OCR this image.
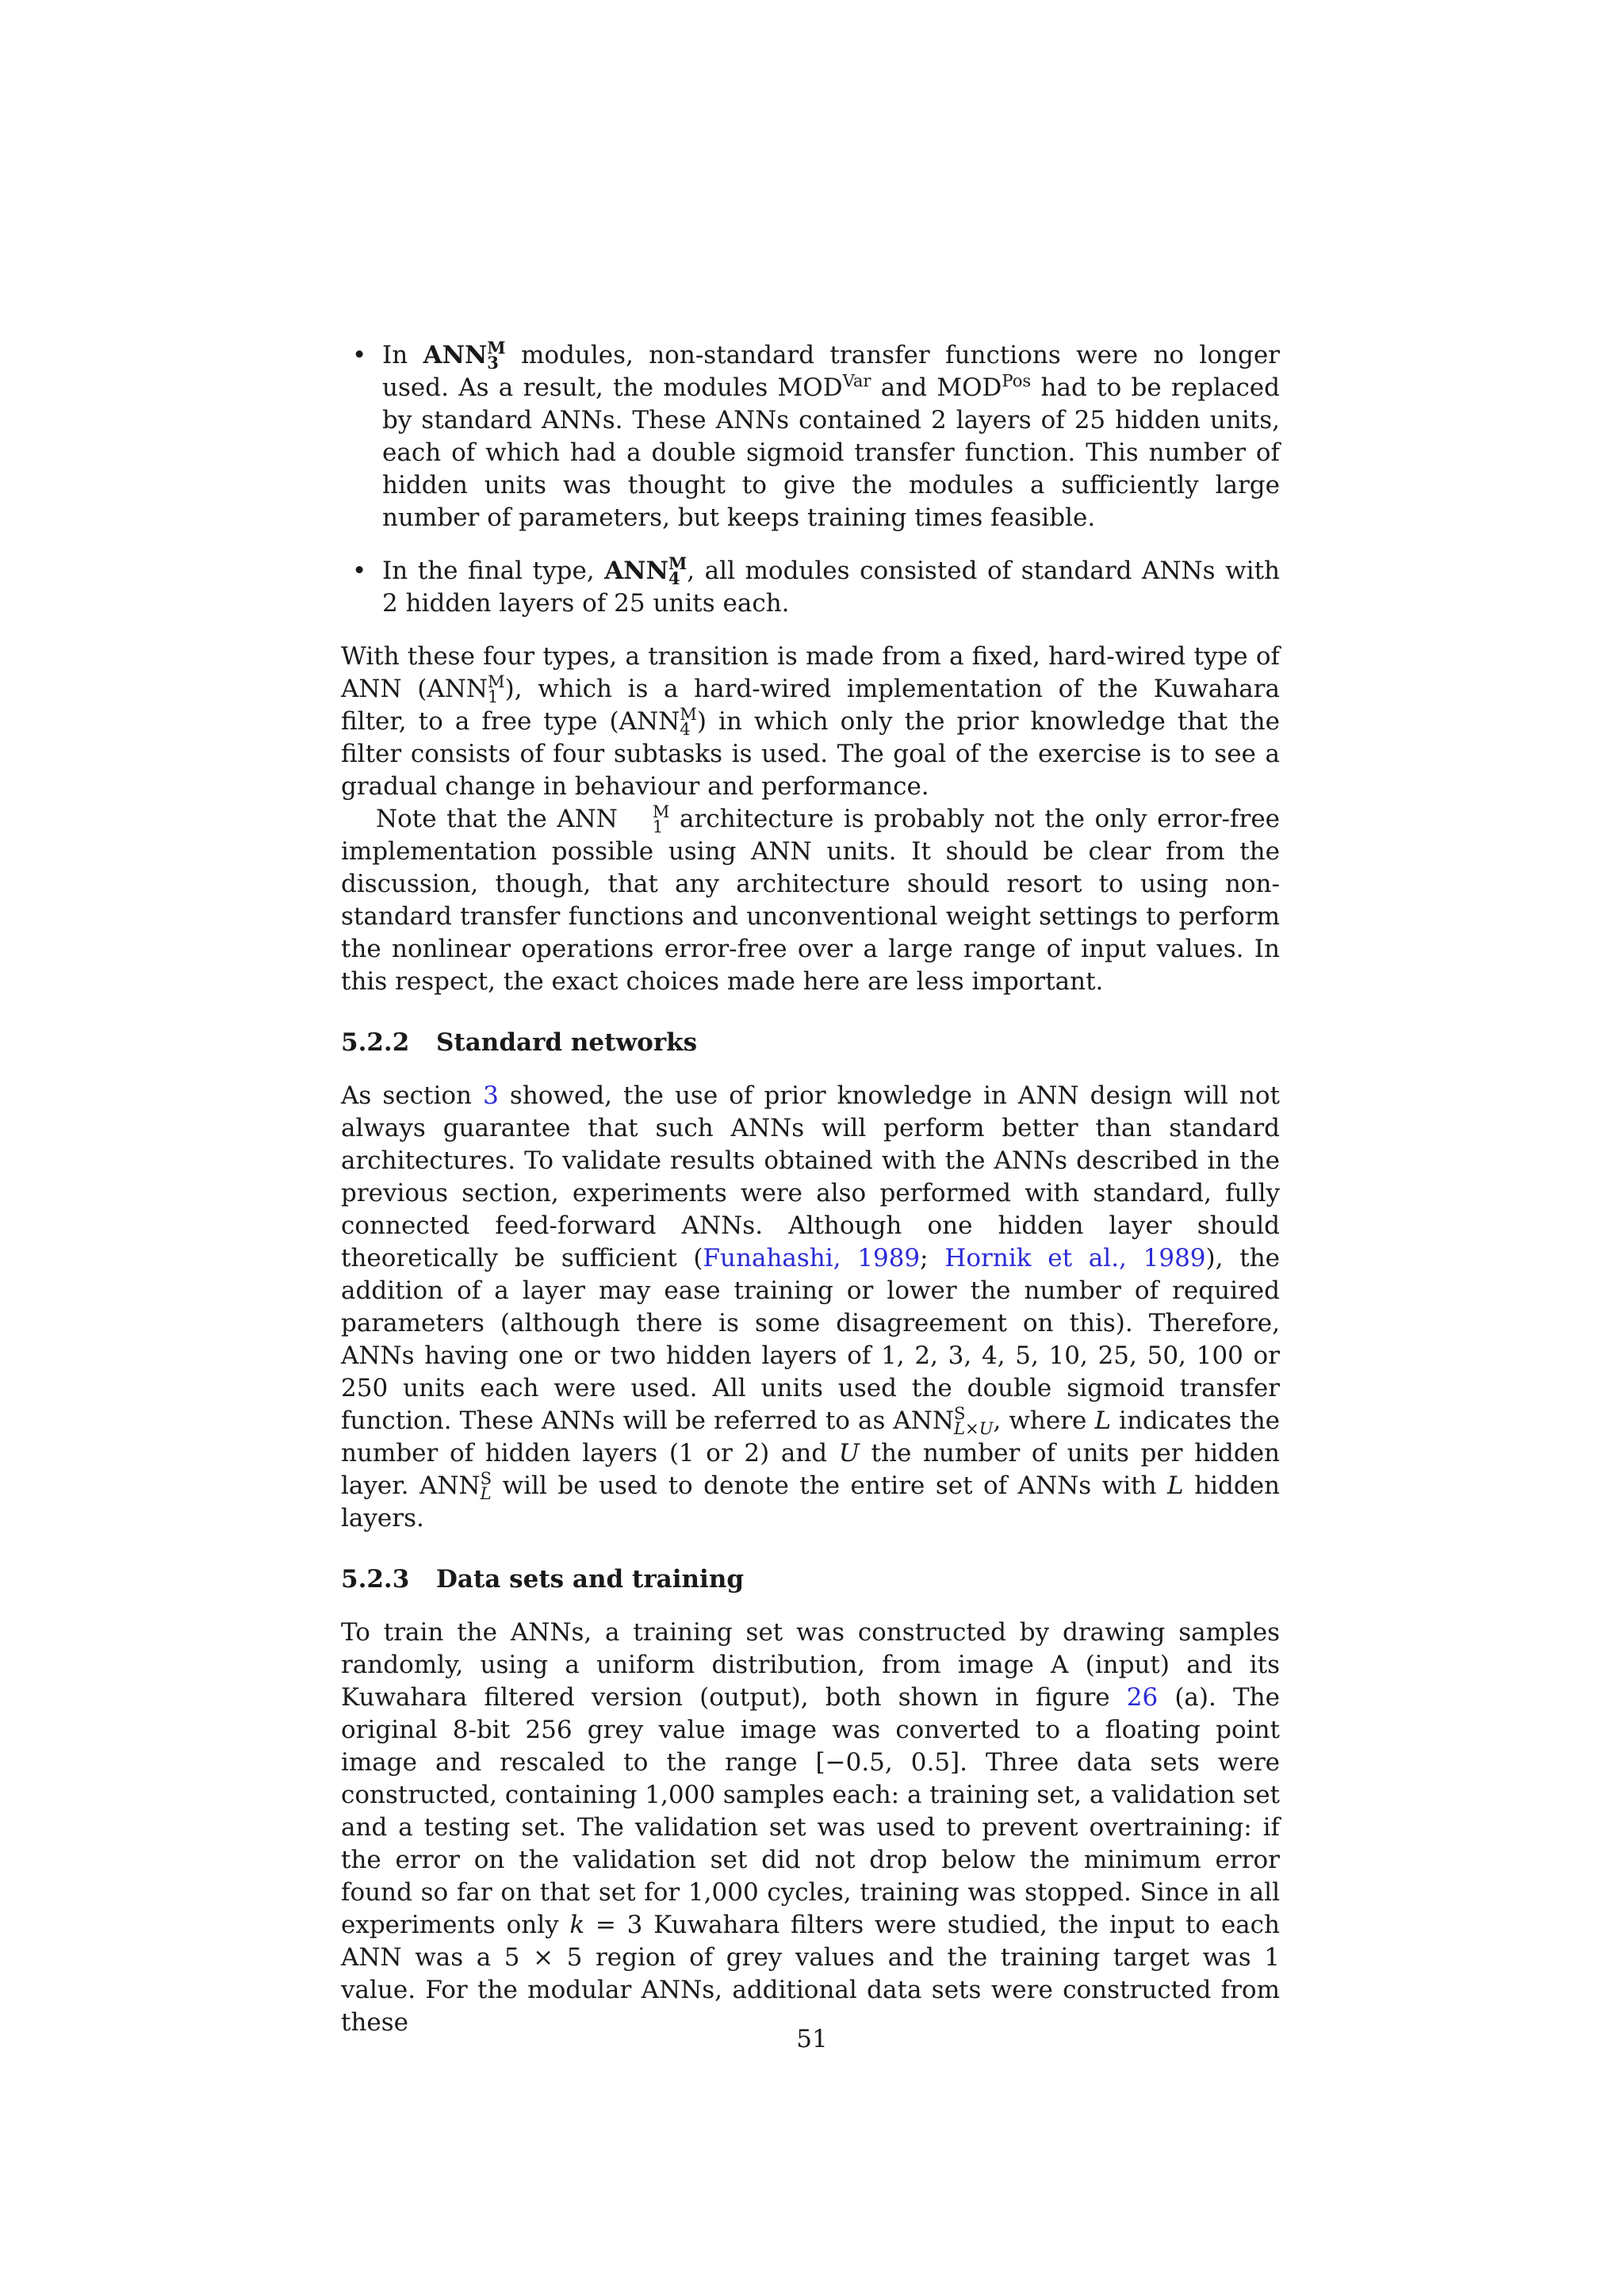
• In ANN M
3 modules, non-standard transfer functions were no longer used. As a result, the modules $MOD^{Var}$ and $MOD^{Pos}$ had to be replaced by standard ANNs. These ANNs contained 2 layers of 25 hidden units, each of which had a double sigmoid transfer function. This number of hidden units was thought to give the modules a sufficiently large number of parameters, but keeps training times feasible.
• In the final type, ANN M
4 , all modules consisted of standard ANNs with 2 hidden layers of 25 units each.

With these four types, a transition is made from a fixed, hard-wired type of ANN (ANN M
1 ), which is a hard-wired implementation of the Kuwahara filter, to a free type (ANN M
4 ) in which only the prior knowledge that the filter consists of four subtasks is used. The goal of the exercise is to see a gradual change in behaviour and performance.

Note that the ANN	M
1 architecture is probably not the only error-free implementation possible using ANN units. It should be clear from the discussion, though, that any architecture should resort to using non-standard transfer functions and unconventional weight settings to perform the nonlinear operations error-free over a large range of input values. In this respect, the exact choices made here are less important.

5.2.2 Standard networks

As section 3 showed, the use of prior knowledge in ANN design will not always guarantee that such ANNs will perform better than standard architectures. To validate results obtained with the ANNs described in the previous section, experiments were also performed with standard, fully connected feed-forward ANNs. Although one hidden layer should theoretically be sufficient (Funahashi, 1989; Hornik et al., 1989), the addition of a layer may ease training or lower the number of required parameters (although there is some disagreement on this). Therefore, ANNs having one or two hidden layers of 1, 2, 3, 4, 5, 10, 25, 50, 100 or 250 units each were used. All units used the double sigmoid transfer function. These ANNs will be referred to as ANN S
L×U , where L indicates the number of hidden layers (1 or 2) and U the number of units per hidden layer. ANN S
L will be used to denote the entire set of ANNs with L hidden layers.

5.2.3 Data sets and training

To train the ANNs, a training set was constructed by drawing samples randomly, using a uniform distribution, from image A (input) and its Kuwahara filtered version (output), both shown in figure 26 (a). The original 8-bit 256 grey value image was converted to a floating point image and rescaled to the range [−0.5, 0.5]. Three data sets were constructed, containing 1,000 samples each: a training set, a validation set and a testing set. The validation set was used to prevent overtraining: if the error on the validation set did not drop below the minimum error found so far on that set for 1,000 cycles, training was stopped. Since in all experiments only k = 3 Kuwahara filters were studied, the input to each ANN was a 5 × 5 region of grey values and the training target was 1 value. For the modular ANNs, additional data sets were constructed from these

51
